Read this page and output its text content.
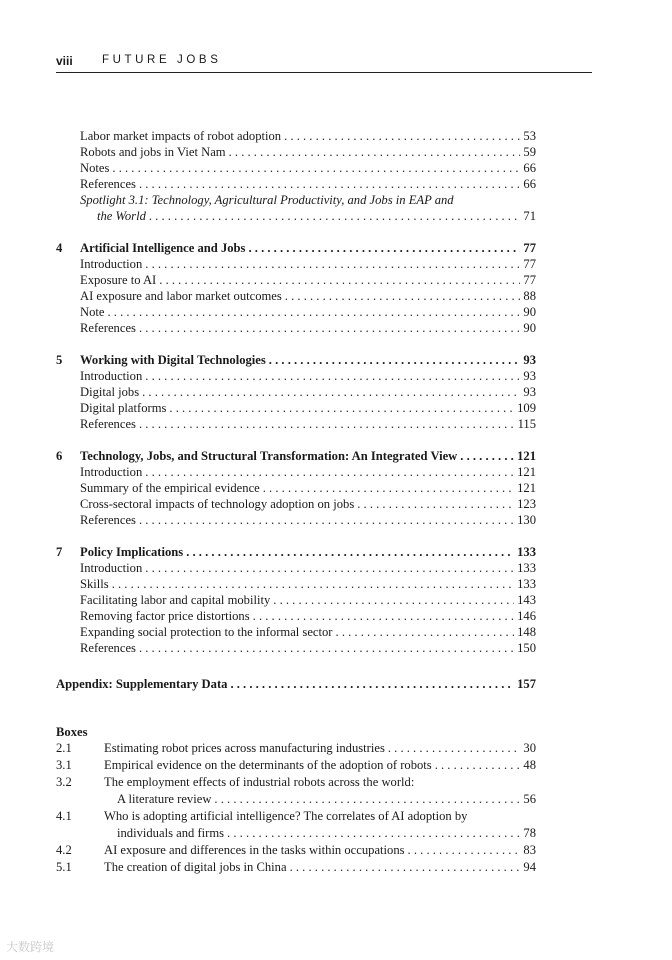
viii	FUTURE JOBS
Labor market impacts of robot adoption . . .	53
Robots and jobs in Viet Nam . . .	59
Notes . . .	66
References . . .	66
Spotlight 3.1: Technology, Agricultural Productivity, and Jobs in EAP and
the World . . .	71
4	Artificial Intelligence and Jobs . . .	77
Introduction . . .	77
Exposure to AI . . .	77
AI exposure and labor market outcomes . . .	88
Note . . .	90
References . . .	90
5	Working with Digital Technologies . . .	93
Introduction . . .	93
Digital jobs . . .	93
Digital platforms . . .	109
References . . .	115
6	Technology, Jobs, and Structural Transformation: An Integrated View . . .	121
Introduction . . .	121
Summary of the empirical evidence . . .	121
Cross-sectoral impacts of technology adoption on jobs . . .	123
References . . .	130
7	Policy Implications . . .	133
Introduction . . .	133
Skills . . .	133
Facilitating labor and capital mobility . . .	143
Removing factor price distortions . . .	146
Expanding social protection to the informal sector . . .	148
References . . .	150
Appendix: Supplementary Data . . .	157
Boxes
2.1	Estimating robot prices across manufacturing industries . . .	30
3.1	Empirical evidence on the determinants of the adoption of robots . . .	48
3.2	The employment effects of industrial robots across the world:
A literature review . . .	56
4.1	Who is adopting artificial intelligence? The correlates of AI adoption by
individuals and firms . . .	78
4.2	AI exposure and differences in the tasks within occupations . . .	83
5.1	The creation of digital jobs in China . . .	94
大数跨境
